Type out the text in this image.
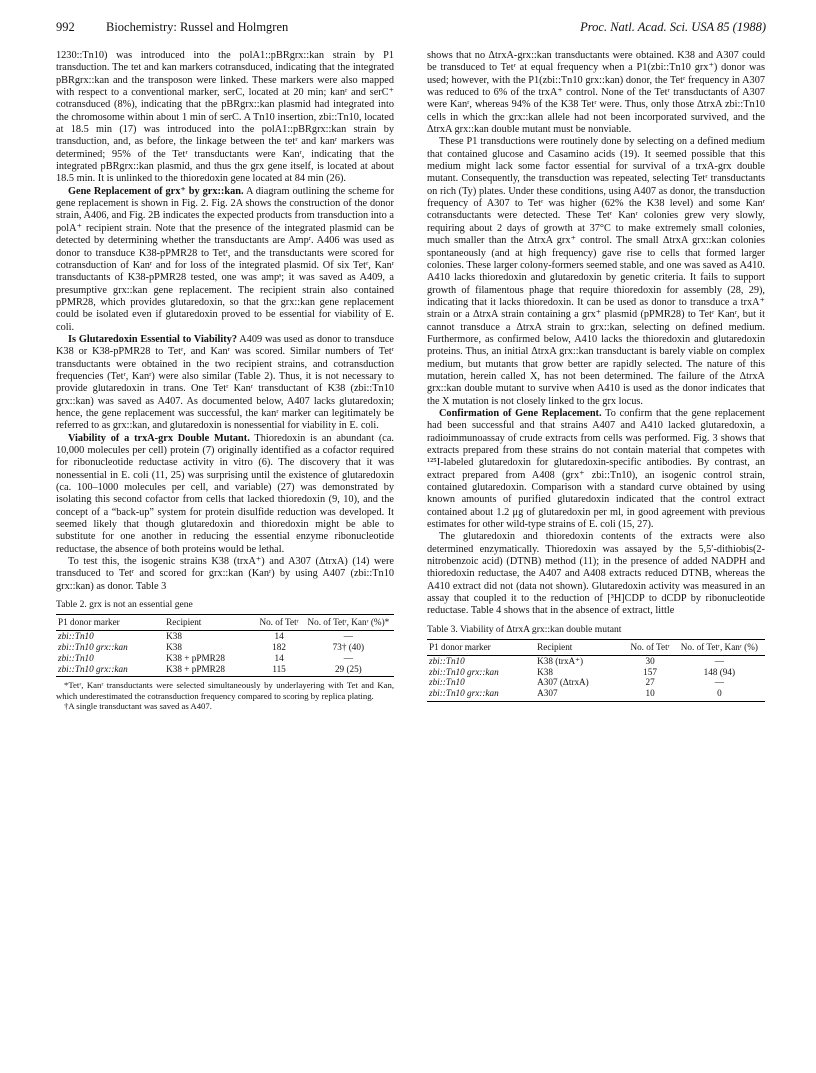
992	Biochemistry: Russel and Holmgren	Proc. Natl. Acad. Sci. USA 85 (1988)

1230::Tn10) was introduced into the polA1::pBRgrx::kan strain by P1 transduction. The tet and kan markers cotransduced, indicating that the integrated pBRgrx::kan and the transposon were linked. These markers were also mapped with respect to a conventional marker, serC, located at 20 min; kanʳ and serC⁺ cotransduced (8%), indicating that the pBRgrx::kan plasmid had integrated into the chromosome within about 1 min of serC. A Tn10 insertion, zbi::Tn10, located at 18.5 min (17) was introduced into the polA1::pBRgrx::kan strain by transduction, and, as before, the linkage between the tetʳ and kanʳ markers was determined; 95% of the Tetʳ transductants were Kanʳ, indicating that the integrated pBRgrx::kan plasmid, and thus the grx gene itself, is located at about 18.5 min. It is unlinked to the thioredoxin gene located at 84 min (26).

Gene Replacement of grx⁺ by grx::kan. A diagram outlining the scheme for gene replacement is shown in Fig. 2. Fig. 2A shows the construction of the donor strain, A406, and Fig. 2B indicates the expected products from transduction into a polA⁺ recipient strain. Note that the presence of the integrated plasmid can be detected by determining whether the transductants are Ampʳ. A406 was used as donor to transduce K38-pPMR28 to Tetʳ, and the transductants were scored for cotransduction of Kanʳ and for loss of the integrated plasmid. Of six Tetʳ, Kanʳ transductants of K38-pPMR28 tested, one was ampˢ; it was saved as A409, a presumptive grx::kan gene replacement. The recipient strain also contained pPMR28, which provides glutaredoxin, so that the grx::kan gene replacement could be isolated even if glutaredoxin proved to be essential for viability of E. coli.

Is Glutaredoxin Essential to Viability? A409 was used as donor to transduce K38 or K38-pPMR28 to Tetʳ, and Kanʳ was scored. Similar numbers of Tetʳ transductants were obtained in the two recipient strains, and cotransduction frequencies (Tetʳ, Kanʳ) were also similar (Table 2). Thus, it is not necessary to provide glutaredoxin in trans. One Tetʳ Kanʳ transductant of K38 (zbi::Tn10 grx::kan) was saved as A407. As documented below, A407 lacks glutaredoxin; hence, the gene replacement was successful, the kanʳ marker can legitimately be referred to as grx::kan, and glutaredoxin is nonessential for viability in E. coli.

Viability of a trxA-grx Double Mutant. Thioredoxin is an abundant (ca. 10,000 molecules per cell) protein (7) originally identified as a cofactor required for ribonucleotide reductase activity in vitro (6). The discovery that it was nonessential in E. coli (11, 25) was surprising until the existence of glutaredoxin (ca. 100–1000 molecules per cell, and variable) (27) was demonstrated by isolating this second cofactor from cells that lacked thioredoxin (9, 10), and the concept of a “back-up” system for protein disulfide reduction was developed. It seemed likely that though glutaredoxin and thioredoxin might be able to substitute for one another in reducing the essential enzyme ribonucleotide reductase, the absence of both proteins would be lethal.

To test this, the isogenic strains K38 (trxA⁺) and A307 (ΔtrxA) (14) were transduced to Tetʳ and scored for grx::kan (Kanʳ) by using A407 (zbi::Tn10 grx::kan) as donor. Table 3

Table 2. grx is not an essential gene
P1 donor marker	Recipient	No. of Tetʳ	No. of Tetʳ, Kanʳ (%)*
zbi::Tn10	K38	14	—
zbi::Tn10 grx::kan	K38	182	73† (40)
zbi::Tn10	K38 + pPMR28	14	—
zbi::Tn10 grx::kan	K38 + pPMR28	115	29 (25)
*Tetʳ, Kanʳ transductants were selected simultaneously by underlayering with Tet and Kan, which underestimated the cotransduction frequency compared to scoring by replica plating.
†A single transductant was saved as A407.

shows that no ΔtrxA-grx::kan transductants were obtained. K38 and A307 could be transduced to Tetʳ at equal frequency when a P1(zbi::Tn10 grx⁺) donor was used; however, with the P1(zbi::Tn10 grx::kan) donor, the Tetʳ frequency in A307 was reduced to 6% of the trxA⁺ control. None of the Tetʳ transductants of A307 were Kanʳ, whereas 94% of the K38 Tetʳ were. Thus, only those ΔtrxA zbi::Tn10 cells in which the grx::kan allele had not been incorporated survived, and the ΔtrxA grx::kan double mutant must be nonviable.

These P1 transductions were routinely done by selecting on a defined medium that contained glucose and Casamino acids (19). It seemed possible that this medium might lack some factor essential for survival of a trxA-grx double mutant. Consequently, the transduction was repeated, selecting Tetʳ transductants on rich (Ty) plates. Under these conditions, using A407 as donor, the transduction frequency of A307 to Tetʳ was higher (62% the K38 level) and some Kanʳ cotransductants were detected. These Tetʳ Kanʳ colonies grew very slowly, requiring about 2 days of growth at 37°C to make extremely small colonies, much smaller than the ΔtrxA grx⁺ control. The small ΔtrxA grx::kan colonies spontaneously (and at high frequency) gave rise to cells that formed larger colonies. These larger colony-formers seemed stable, and one was saved as A410. A410 lacks thioredoxin and glutaredoxin by genetic criteria. It fails to support growth of filamentous phage that require thioredoxin for assembly (28, 29), indicating that it lacks thioredoxin. It can be used as donor to transduce a trxA⁺ strain or a ΔtrxA strain containing a grx⁺ plasmid (pPMR28) to Tetʳ Kanʳ, but it cannot transduce a ΔtrxA strain to grx::kan, selecting on defined medium. Furthermore, as confirmed below, A410 lacks the thioredoxin and glutaredoxin proteins. Thus, an initial ΔtrxA grx::kan transductant is barely viable on complex medium, but mutants that grow better are rapidly selected. The nature of this mutation, herein called X, has not been determined. The failure of the ΔtrxA grx::kan double mutant to survive when A410 is used as the donor indicates that the X mutation is not closely linked to the grx locus.

Confirmation of Gene Replacement. To confirm that the gene replacement had been successful and that strains A407 and A410 lacked glutaredoxin, a radioimmunoassay of crude extracts from cells was performed. Fig. 3 shows that extracts prepared from these strains do not contain material that competes with ¹²⁵I-labeled glutaredoxin for glutaredoxin-specific antibodies. By contrast, an extract prepared from A408 (grx⁺ zbi::Tn10), an isogenic control strain, contained glutaredoxin. Comparison with a standard curve obtained by using known amounts of purified glutaredoxin indicated that the control extract contained about 1.2 μg of glutaredoxin per ml, in good agreement with previous estimates for other wild-type strains of E. coli (15, 27).

The glutaredoxin and thioredoxin contents of the extracts were also determined enzymatically. Thioredoxin was assayed by the 5,5′-dithiobis(2-nitrobenzoic acid) (DTNB) method (11); in the presence of added NADPH and thioredoxin reductase, the A407 and A408 extracts reduced DTNB, whereas the A410 extract did not (data not shown). Glutaredoxin activity was measured in an assay that coupled it to the reduction of [³H]CDP to dCDP by ribonucleotide reductase. Table 4 shows that in the absence of extract, little

Table 3. Viability of ΔtrxA grx::kan double mutant
P1 donor marker	Recipient	No. of Tetʳ	No. of Tetʳ, Kanʳ (%)
zbi::Tn10	K38 (trxA⁺)	30	—
zbi::Tn10 grx::kan	K38	157	148 (94)
zbi::Tn10	A307 (ΔtrxA)	27	—
zbi::Tn10 grx::kan	A307	10	0
